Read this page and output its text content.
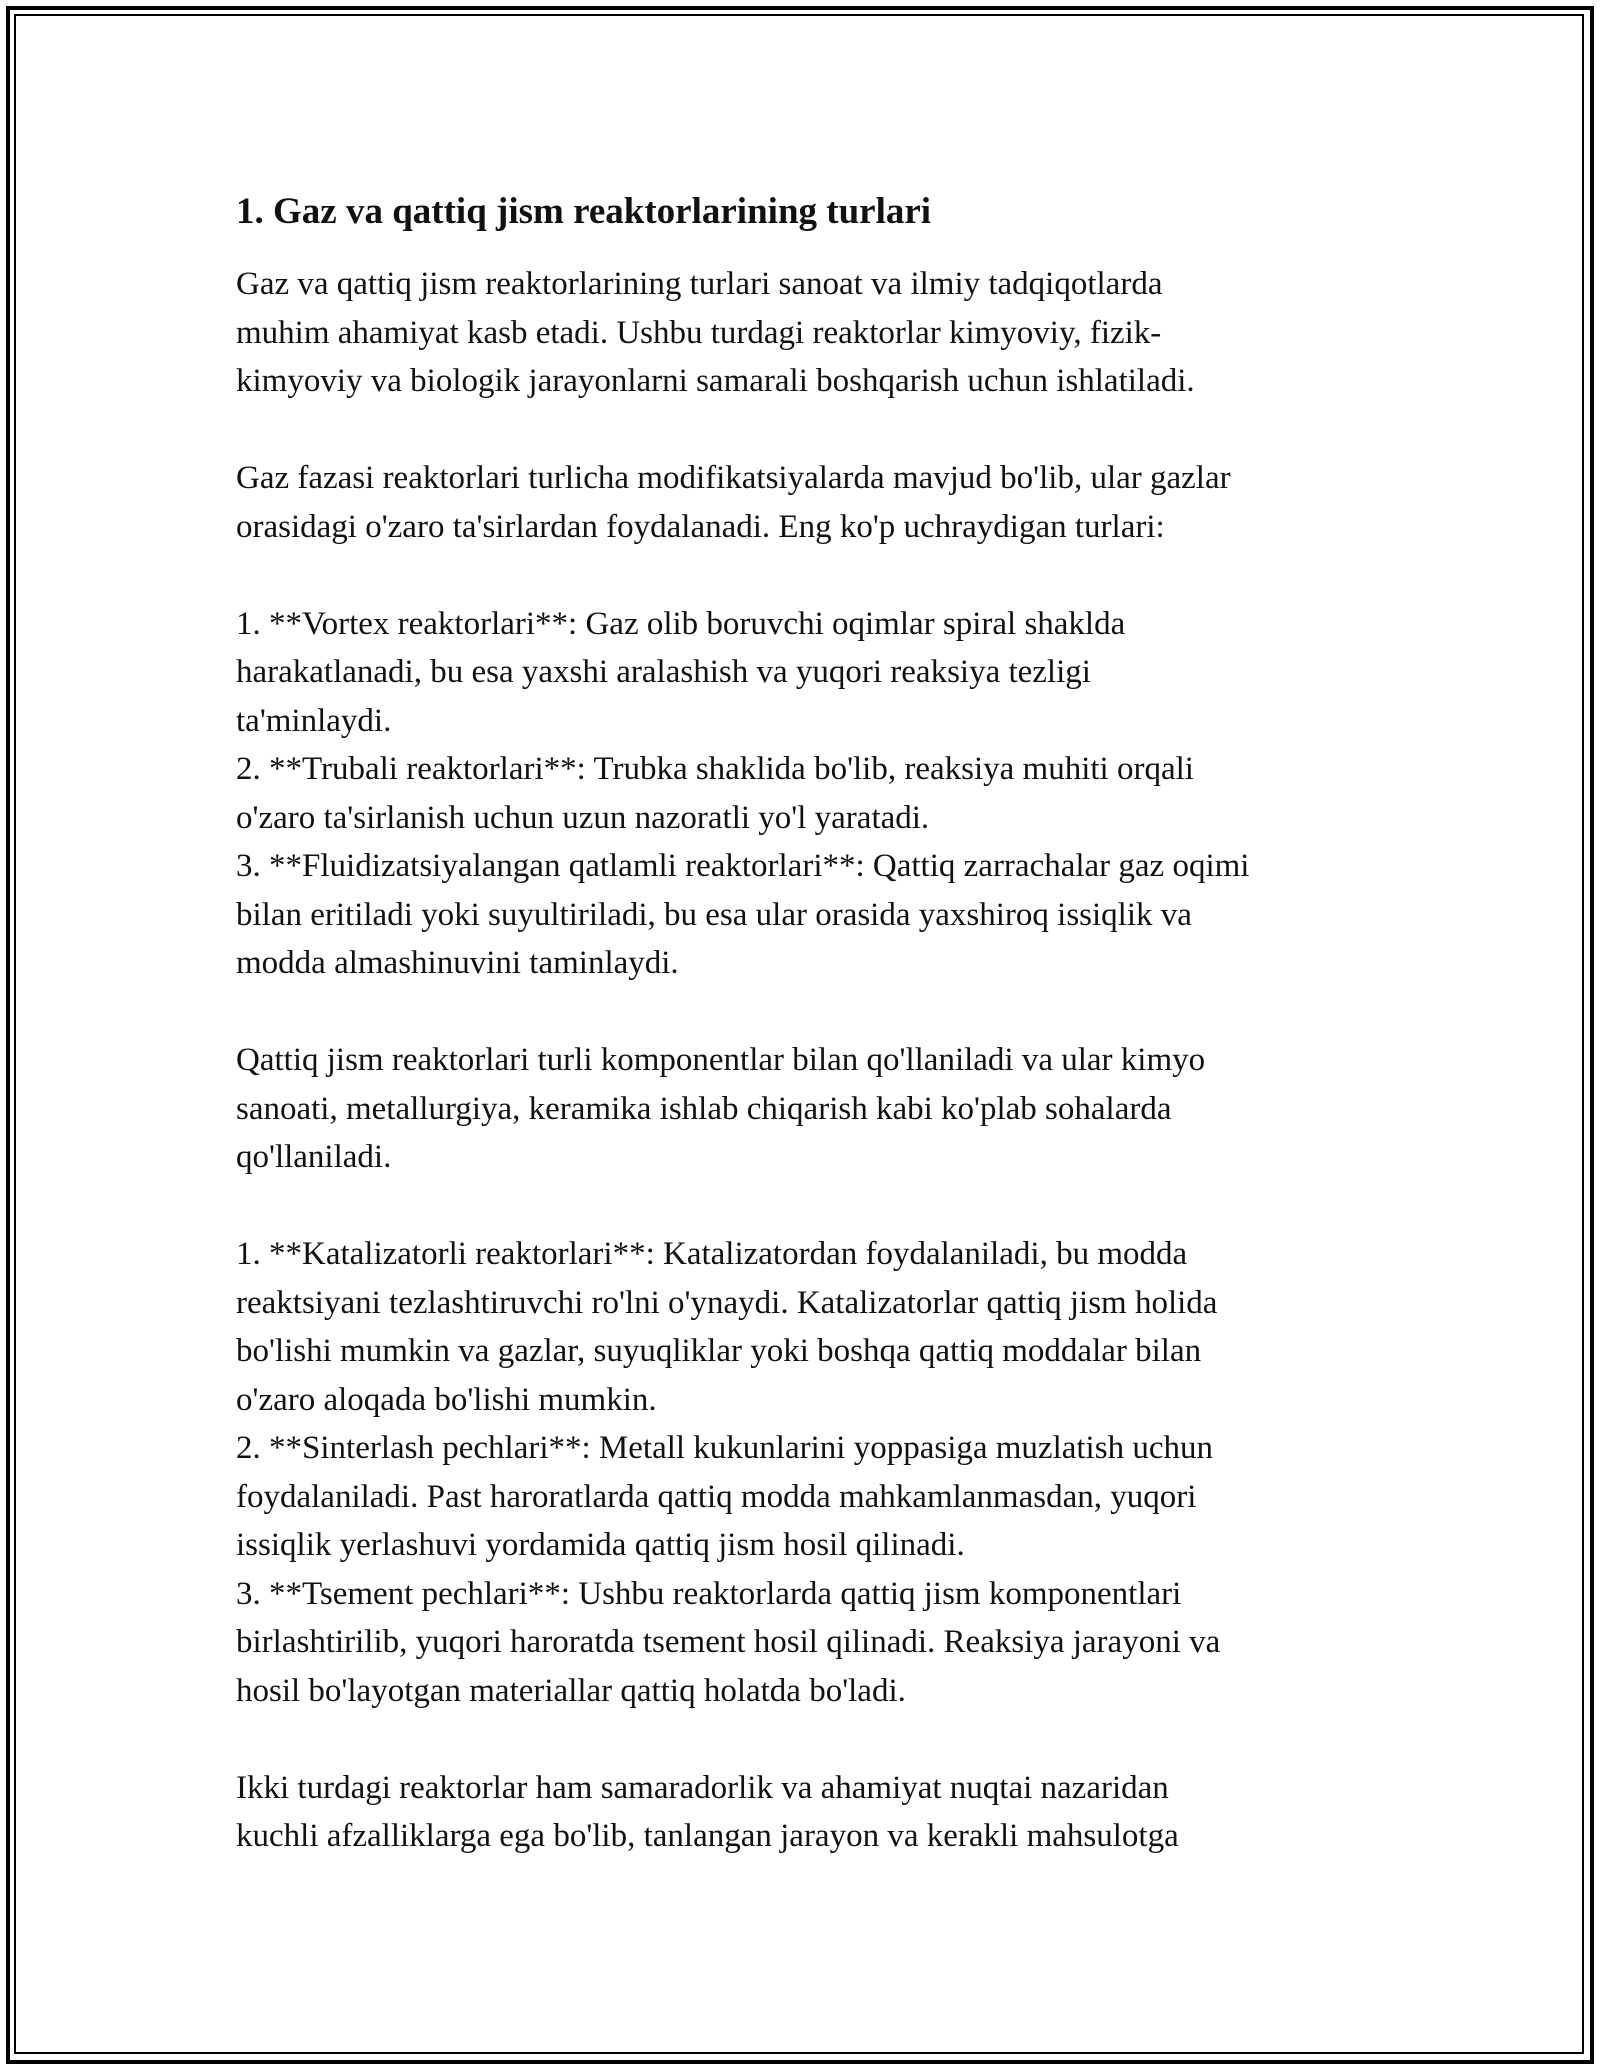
1. Gaz va qattiq jism reaktorlarining turlari
Gaz va qattiq jism reaktorlarining turlari sanoat va ilmiy tadqiqotlarda
muhim ahamiyat kasb etadi. Ushbu turdagi reaktorlar kimyoviy, fizik-
kimyoviy va biologik jarayonlarni samarali boshqarish uchun ishlatiladi.
Gaz fazasi reaktorlari turlicha modifikatsiyalarda mavjud bo'lib, ular gazlar
orasidagi o'zaro ta'sirlardan foydalanadi. Eng ko'p uchraydigan turlari:
1. **Vortex reaktorlari**: Gaz olib boruvchi oqimlar spiral shaklda
harakatlanadi, bu esa yaxshi aralashish va yuqori reaksiya tezligi
ta'minlaydi.
2. **Trubali reaktorlari**: Trubka shaklida bo'lib, reaksiya muhiti orqali
o'zaro ta'sirlanish uchun uzun nazoratli yo'l yaratadi.
3. **Fluidizatsiyalangan qatlamli reaktorlari**: Qattiq zarrachalar gaz oqimi
bilan eritiladi yoki suyultiriladi, bu esa ular orasida yaxshiroq issiqlik va
modda almashinuvini taminlaydi.
Qattiq jism reaktorlari turli komponentlar bilan qo'llaniladi va ular kimyo
sanoati, metallurgiya, keramika ishlab chiqarish kabi ko'plab sohalarda
qo'llaniladi.
1. **Katalizatorli reaktorlari**: Katalizatordan foydalaniladi, bu modda
reaktsiyani tezlashtiruvchi ro'lni o'ynaydi. Katalizatorlar qattiq jism holida
bo'lishi mumkin va gazlar, suyuqliklar yoki boshqa qattiq moddalar bilan
o'zaro aloqada bo'lishi mumkin.
2. **Sinterlash pechlari**: Metall kukunlarini yoppasiga muzlatish uchun
foydalaniladi. Past haroratlarda qattiq modda mahkamlanmasdan, yuqori
issiqlik yerlashuvi yordamida qattiq jism hosil qilinadi.
3. **Tsement pechlari**: Ushbu reaktorlarda qattiq jism komponentlari
birlashtirilib, yuqori haroratda tsement hosil qilinadi. Reaksiya jarayoni va
hosil bo'layotgan materiallar qattiq holatda bo'ladi.
Ikki turdagi reaktorlar ham samaradorlik va ahamiyat nuqtai nazaridan
kuchli afzalliklarga ega bo'lib, tanlangan jarayon va kerakli mahsulotga
